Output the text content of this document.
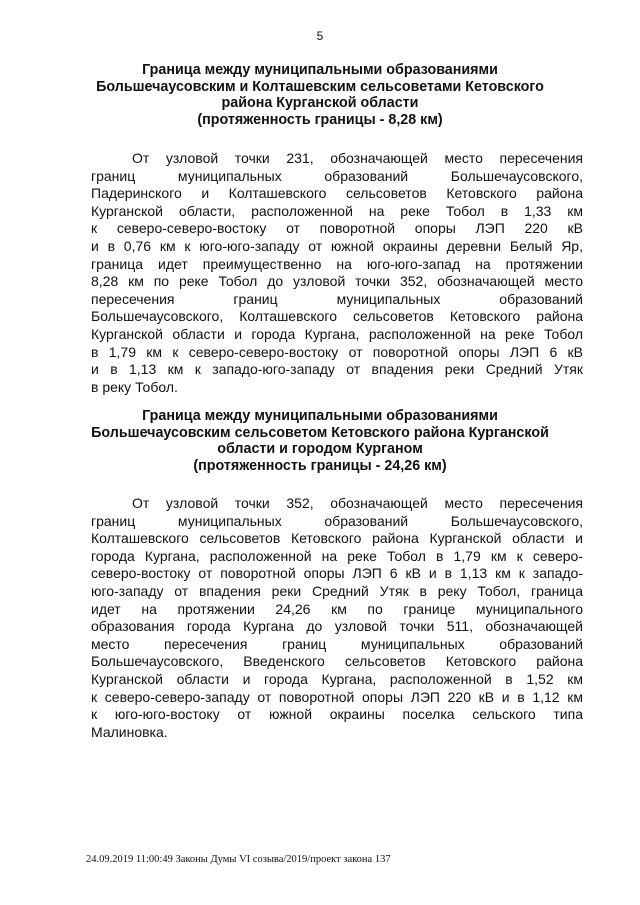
5
Граница между муниципальными образованиями
Большечаусовским и Колташевским сельсоветами Кетовского
района Курганской области
(протяженность границы - 8,28 км)
От узловой точки 231, обозначающей место пересечения
границ муниципальных образований Большечаусовского,
Падеринского и Колташевского сельсоветов Кетовского района
Курганской области, расположенной на реке Тобол в 1,33 км
к северо-северо-востоку от поворотной опоры ЛЭП 220 кВ
и в 0,76 км к юго-юго-западу от южной окраины деревни Белый Яр,
граница идет преимущественно на юго-юго-запад на протяжении
8,28 км по реке Тобол до узловой точки 352, обозначающей место
пересечения границ муниципальных образований
Большечаусовского, Колташевского сельсоветов Кетовского района
Курганской области и города Кургана, расположенной на реке Тобол
в 1,79 км к северо-северо-востоку от поворотной опоры ЛЭП 6 кВ
и в 1,13 км к западо-юго-западу от впадения реки Средний Утяк
в реку Тобол.
Граница между муниципальными образованиями
Большечаусовским сельсоветом Кетовского района Курганской
области и городом Курганом
(протяженность границы - 24,26 км)
От узловой точки 352, обозначающей место пересечения
границ муниципальных образований Большечаусовского,
Колташевского сельсоветов Кетовского района Курганской области и
города Кургана, расположенной на реке Тобол в 1,79 км к северо-
северо-востоку от поворотной опоры ЛЭП 6 кВ и в 1,13 км к западо-
юго-западу от впадения реки Средний Утяк в реку Тобол, граница
идет на протяжении 24,26 км по границе муниципального
образования города Кургана до узловой точки 511, обозначающей
место пересечения границ муниципальных образований
Большечаусовского, Введенского сельсоветов Кетовского района
Курганской области и города Кургана, расположенной в 1,52 км
к северо-северо-западу от поворотной опоры ЛЭП 220 кВ и в 1,12 км
к юго-юго-востоку от южной окраины поселка сельского типа
Малиновка.
24.09.2019 11:00:49 Законы Думы VI созыва/2019/проект закона 137
